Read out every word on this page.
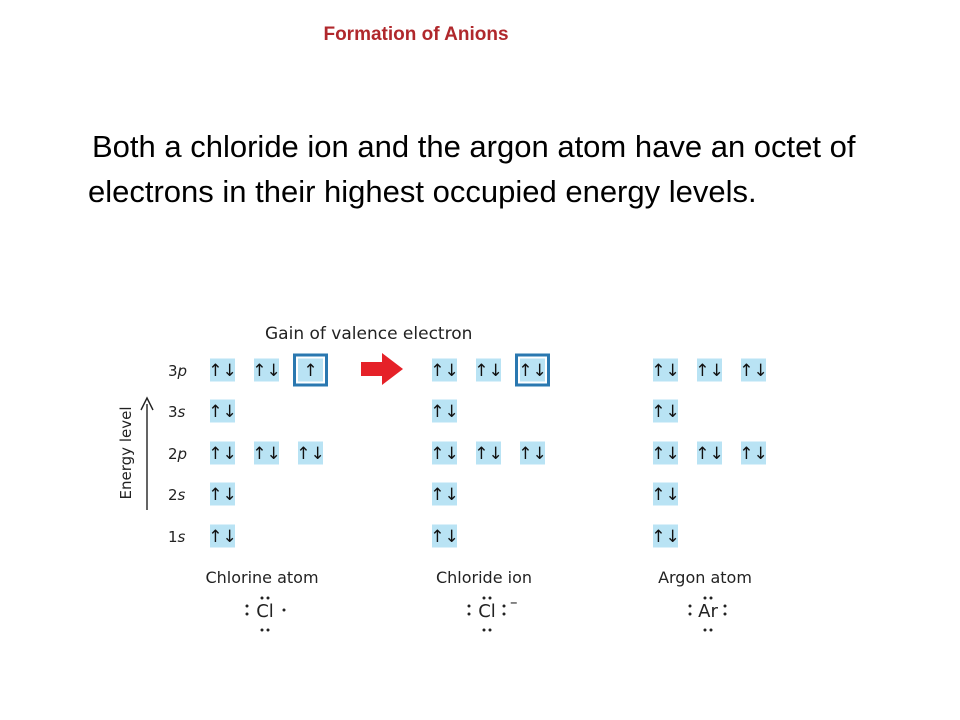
Formation of Anions
Both a chloride ion and the argon atom have an octet of electrons in their highest occupied energy levels.
Gain of valence electron
Energy level
3p
3s
2p
2s
1s
↑↓ ↑↓ ↑
↑↓
↑↓ ↑↓ ↑↓
↑↓
↑↓
Chlorine atom
Cl
↑↓ ↑↓ ↑↓
↑↓
↑↓ ↑↓ ↑↓
↑↓
↑↓
Chloride ion
Cl –
↑↓ ↑↓ ↑↓
↑↓
↑↓ ↑↓ ↑↓
↑↓
↑↓
Argon atom
Ar
